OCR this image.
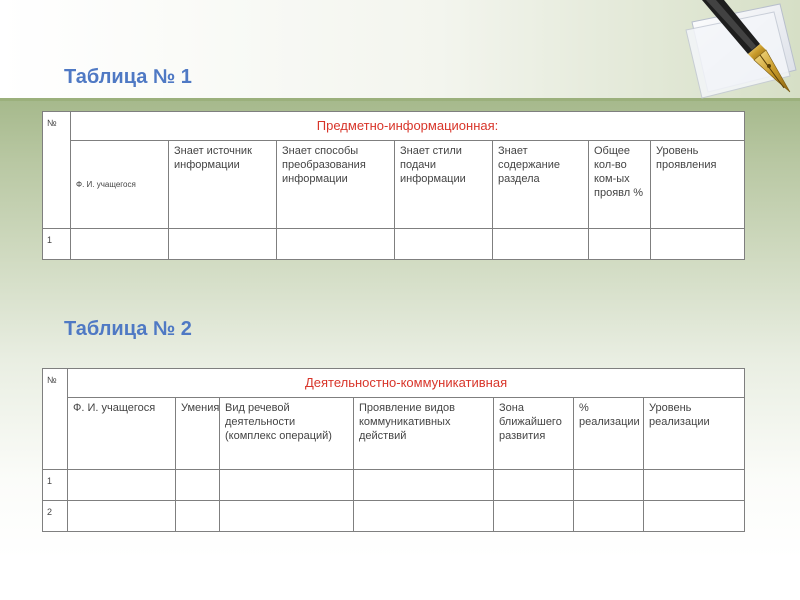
Таблица № 1
№	Предметно-информационная:						
	Ф. И. учащегося	Знает источник информации	Знает способы преобразования информации	Знает стили подачи информации	Знает содержание раздела	Общее кол-во ком-ых проявл %	Уровень проявления
1							
Таблица № 2
№	Деятельностно-коммуникативная						
	Ф. И. учащегося	Умения	Вид речевой деятельности (комплекс операций)	Проявление видов коммуникативных действий	Зона ближайшего развития	% реализации	Уровень реализации
1							
2							
